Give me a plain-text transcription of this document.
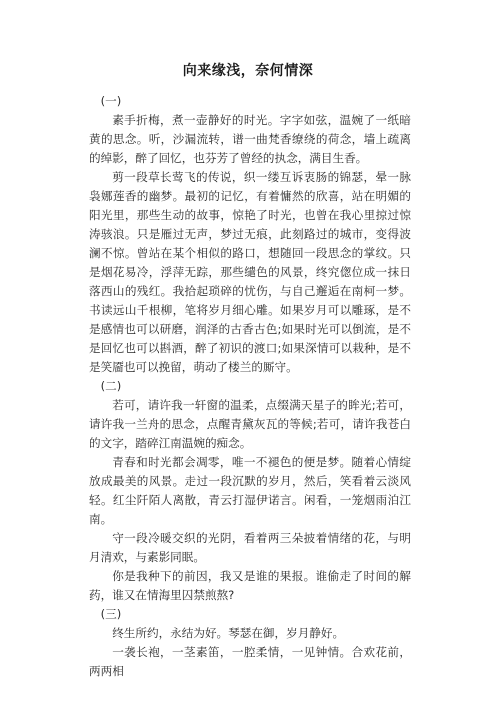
向来缘浅，奈何情深

(一)

素手折梅，煮一壶静好的时光。字字如弦，温婉了一纸暗黄的思念。听，沙漏流转，谱一曲梵香缭绕的荷念，墙上疏离的绰影，醉了回忆，也芬芳了曾经的执念，满目生香。

剪一段草长莺飞的传说，织一缕互诉衷肠的锦瑟，晕一脉袅娜莲香的幽梦。最初的记忆，有着慵然的欣喜，站在明媚的阳光里，那些生动的故事，惊艳了时光，也曾在我心里掠过惊涛骇浪。只是雁过无声，梦过无痕，此刻路过的城市，变得波澜不惊。曾站在某个相似的路口，想随回一段思念的掌纹。只是烟花易冷，浮萍无踪，那些缱色的风景，终究偬位成一抹日落西山的残红。我拾起琐碎的忧伤，与自己邂逅在南柯一梦。书读远山千根柳，笔将岁月细心雕。如果岁月可以雕琢，是不是感情也可以研磨，润泽的古香古色;如果时光可以倒流，是不是回忆也可以斟酒，醉了初识的渡口;如果深情可以栽种，是不是笑靥也可以挽留，萌动了楼兰的厮守。

(二)

若可，请许我一轩窗的温柔，点缀满天星子的眸光;若可，请许我一兰舟的思念，点醒青黛灰瓦的等候;若可，请许我苍白的文字，踏碎江南温婉的痴念。

青春和时光都会凋零，唯一不褪色的便是梦。随着心情绽放成最美的风景。走过一段沉默的岁月，然后，笑看着云淡风轻。红尘阡陌人离散，青云打湿伊诺言。闲看，一笼烟雨泊江南。

守一段冷暖交织的光阴，看着两三朵披着情绪的花，与明月清欢，与素影同眠。

你是我种下的前因，我又是谁的果报。谁偷走了时间的解药，谁又在情海里囚禁煎熬?

(三)

终生所约，永结为好。琴瑟在御，岁月静好。

一袭长袍，一茎素笛，一腔柔情，一见钟情。合欢花前，两两相
